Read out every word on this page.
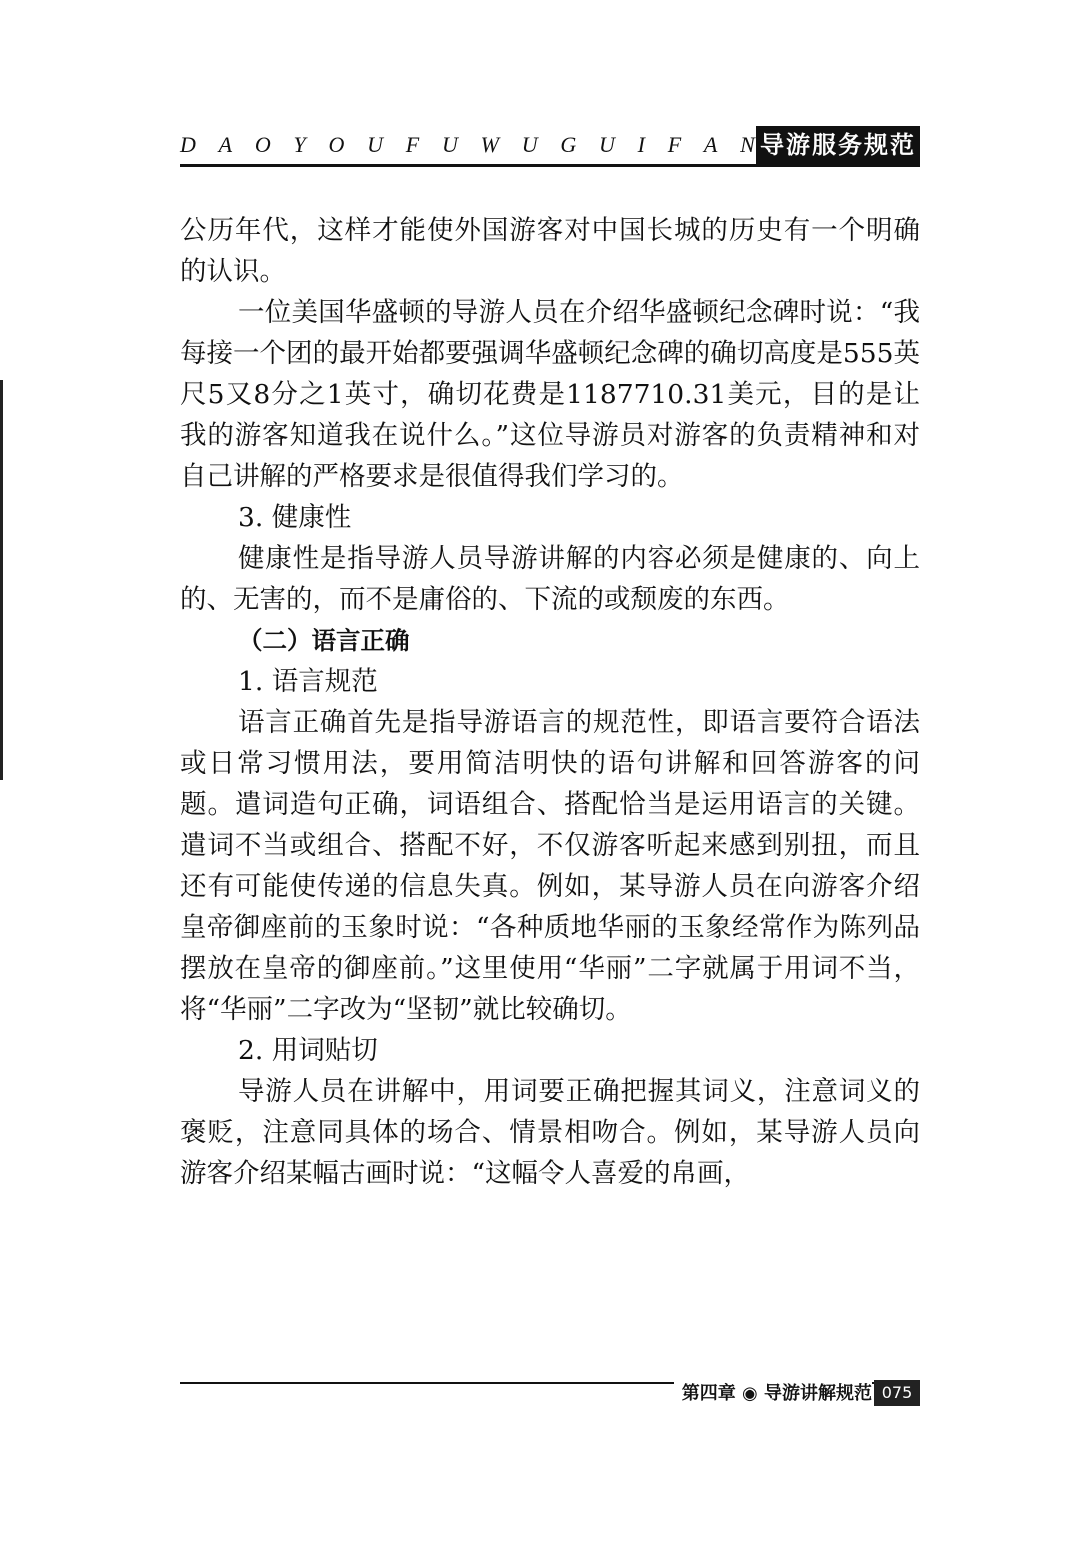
D A O Y O U F U W U G U I F A N 导游服务规范

公历年代，这样才能使外国游客对中国长城的历史有一个明确的认识。

一位美国华盛顿的导游人员在介绍华盛顿纪念碑时说：“我每接一个团的最开始都要强调华盛顿纪念碑的确切高度是555英尺5又8分之1英寸，确切花费是1187710.31美元，目的是让我的游客知道我在说什么。”这位导游员对游客的负责精神和对自己讲解的严格要求是很值得我们学习的。

3. 健康性

健康性是指导游人员导游讲解的内容必须是健康的、向上的、无害的，而不是庸俗的、下流的或颓废的东西。

（二）语言正确

1. 语言规范

语言正确首先是指导游语言的规范性，即语言要符合语法或日常习惯用法，要用简洁明快的语句讲解和回答游客的问题。遣词造句正确，词语组合、搭配恰当是运用语言的关键。遣词不当或组合、搭配不好，不仅游客听起来感到别扭，而且还有可能使传递的信息失真。例如，某导游人员在向游客介绍皇帝御座前的玉象时说：“各种质地华丽的玉象经常作为陈列品摆放在皇帝的御座前。”这里使用“华丽”二字就属于用词不当，将“华丽”二字改为“坚韧”就比较确切。

2. 用词贴切

导游人员在讲解中，用词要正确把握其词义，注意词义的褒贬，注意同具体的场合、情景相吻合。例如，某导游人员向游客介绍某幅古画时说：“这幅令人喜爱的帛画，

第四章 ◉ 导游讲解规范 075
